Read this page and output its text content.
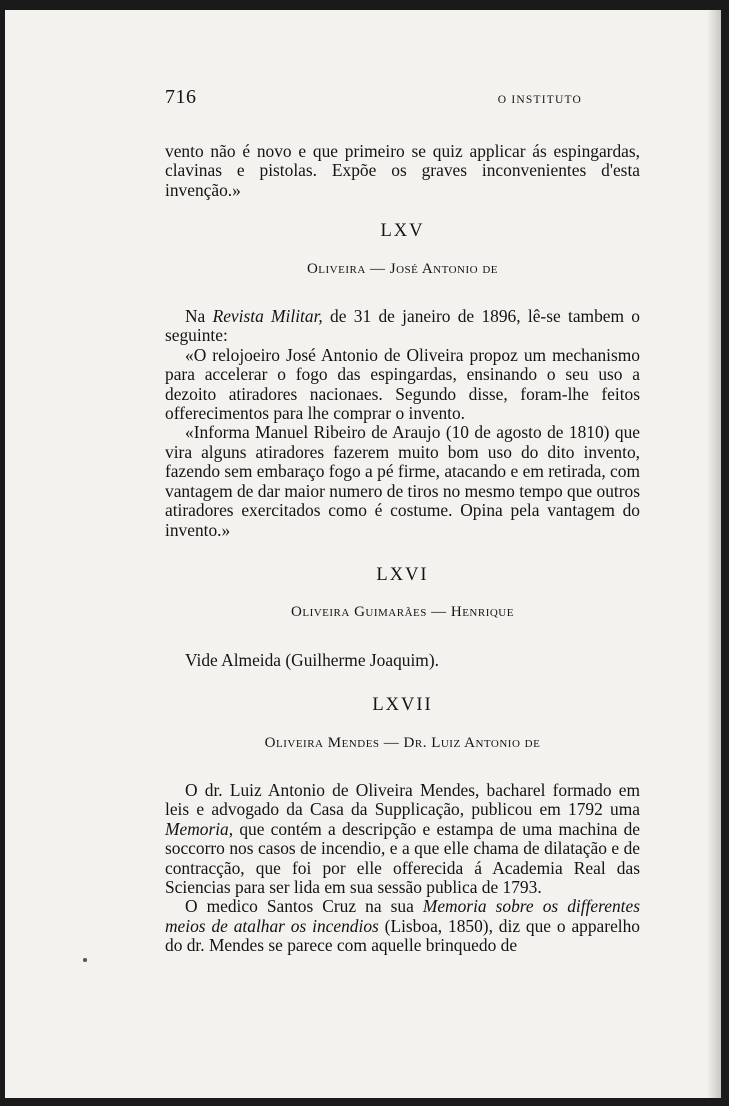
716	O INSTITUTO

vento não é novo e que primeiro se quiz applicar ás espingardas, clavinas e pistolas. Expõe os graves inconvenientes d'esta invenção.»

LXV
Oliveira — José Antonio de

Na Revista Militar, de 31 de janeiro de 1896, lê-se tambem o seguinte:

«O relojoeiro José Antonio de Oliveira propoz um mechanismo para accelerar o fogo das espingardas, ensinando o seu uso a dezoito atiradores nacionaes. Segundo disse, foram-lhe feitos offerecimentos para lhe comprar o invento.

«Informa Manuel Ribeiro de Araujo (10 de agosto de 1810) que vira alguns atiradores fazerem muito bom uso do dito invento, fazendo sem embaraço fogo a pé firme, atacando e em retirada, com vantagem de dar maior numero de tiros no mesmo tempo que outros atiradores exercitados como é costume. Opina pela vantagem do invento.»

LXVI
Oliveira Guimarães — Henrique

Vide Almeida (Guilherme Joaquim).

LXVII
Oliveira Mendes — Dr. Luiz Antonio de

O dr. Luiz Antonio de Oliveira Mendes, bacharel formado em leis e advogado da Casa da Supplicação, publicou em 1792 uma Memoria, que contém a descripção e estampa de uma machina de soccorro nos casos de incendio, e a que elle chama de dilatação e de contracção, que foi por elle offerecida á Academia Real das Sciencias para ser lida em sua sessão publica de 1793.

O medico Santos Cruz na sua Memoria sobre os differentes meios de atalhar os incendios (Lisboa, 1850), diz que o apparelho do dr. Mendes se parece com aquelle brinquedo de
